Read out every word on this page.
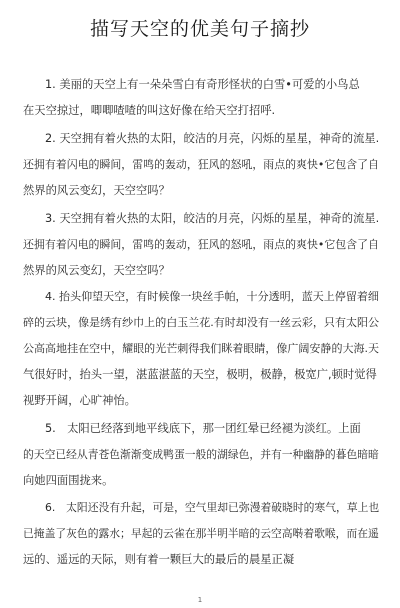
描写天空的优美句子摘抄
1. 美丽的天空上有一朵朵雪白有奇形怪状的白雪•可爱的小鸟总
在天空掠过，唧唧喳喳的叫这好像在给天空打招呼.
2. 天空拥有着火热的太阳，皎洁的月亮，闪烁的星星，神奇的流星.
还拥有着闪电的瞬间，雷鸣的轰动，狂风的怒吼，雨点的爽快•它包含了自
然界的风云变幻，天空空吗？
3. 天空拥有着火热的太阳，皎洁的月亮，闪烁的星星，神奇的流星.
还拥有着闪电的瞬间，雷鸣的轰动，狂风的怒吼，雨点的爽快•它包含了自
然界的风云变幻，天空空吗？
4. 抬头仰望天空，有时候像一块丝手帕，十分透明，蓝天上停留着细
碎的云块，像是绣有纱巾上的白玉兰花.有时却没有一丝云彩，只有太阳公
公高高地挂在空中，耀眼的光芒刺得我们眯着眼睛，像广阔安静的大海.天
气很好时，抬头一望，湛蓝湛蓝的天空，极明，极静，极宽广,顿时觉得
视野开阔，心旷神怡。
5.　太阳已经落到地平线底下，那一团红晕已经褪为淡红。上面
的天空已经从青苍色渐渐变成鸭蛋一般的湖绿色，并有一种幽静的暮色暗暗
向她四面围拢来。
6.　太阳还没有升起，可是，空气里却已弥漫着破晓时的寒气，草上也
已掩盖了灰色的露水；早起的云雀在那半明半暗的云空高啭着歌喉，而在遥
远的、遥远的天际，则有着一颗巨大的最后的晨星正凝
1
